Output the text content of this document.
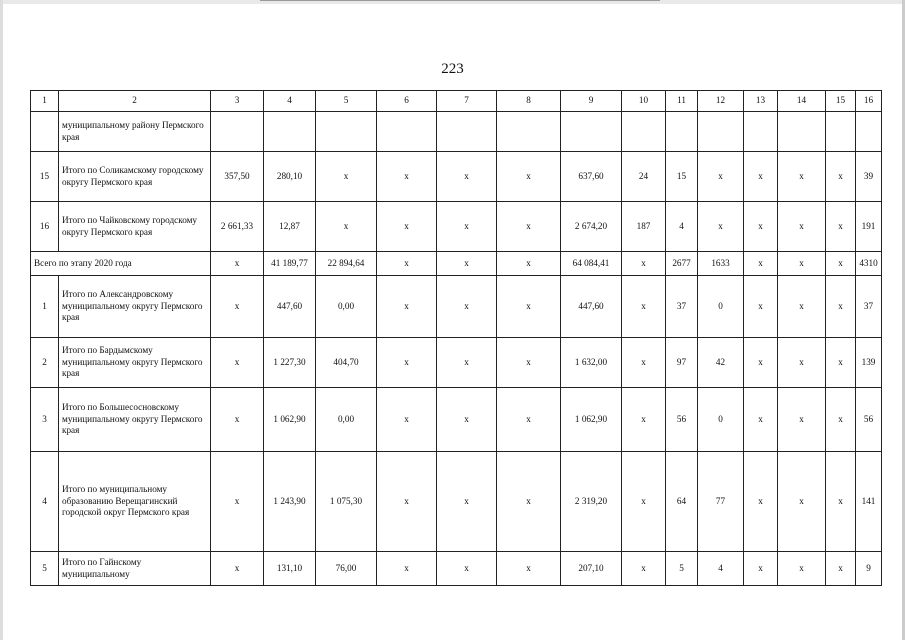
223
1	2	3	4	5	6	7	8	9	10	11	12	13	14	15	16
	муниципальному району Пермского края														
15	Итого по Соликамскому городскому округу Пермского края	357,50	280,10	х	х	х	х	637,60	24	15	х	х	х	х	39
16	Итого по Чайковскому городскому округу Пермского края	2 661,33	12,87	х	х	х	х	2 674,20	187	4	х	х	х	х	191
Всего по этапу 2020 года		х	41 189,77	22 894,64	х	х	х	64 084,41	х	2677	1633	х	х	х	4310
1	Итого по Александровскому муниципальному округу Пермского края	х	447,60	0,00	х	х	х	447,60	х	37	0	х	х	х	37
2	Итого по Бардымскому муниципальному округу Пермского края	х	1 227,30	404,70	х	х	х	1 632,00	х	97	42	х	х	х	139
3	Итого по Большесосновскому муниципальному округу Пермского края	х	1 062,90	0,00	х	х	х	1 062,90	х	56	0	х	х	х	56
4	Итого по муниципальному образованию Верещагинский городской округ Пермского края	х	1 243,90	1 075,30	х	х	х	2 319,20	х	64	77	х	х	х	141
5	Итого по Гайнскому муниципальному	х	131,10	76,00	х	х	х	207,10	х	5	4	х	х	х	9
